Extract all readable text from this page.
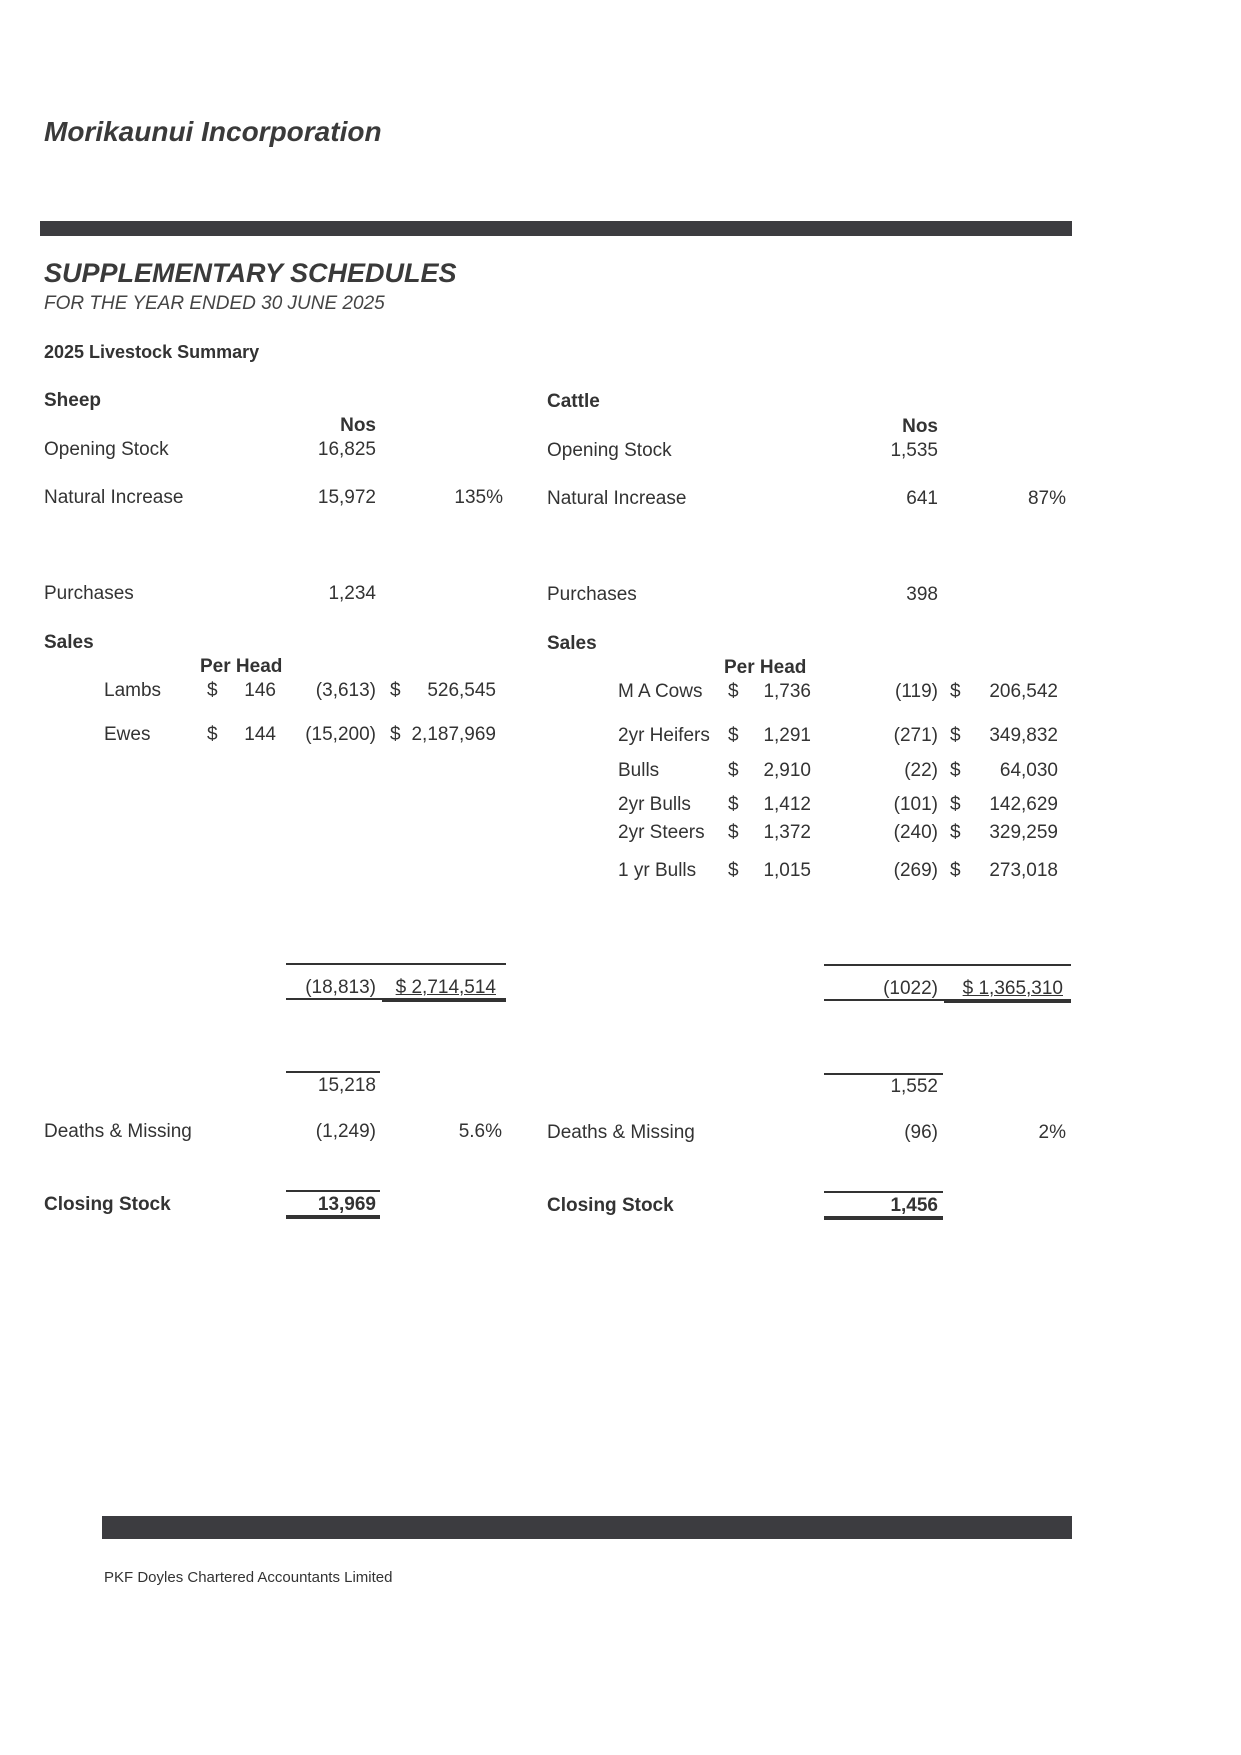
Morikaunui Incorporation
SUPPLEMENTARY SCHEDULES
FOR THE YEAR ENDED 30 JUNE 2025
2025 Livestock Summary
Sheep
Nos
Opening Stock	16,825
Natural Increase	15,972	135%
Purchases	1,234
Sales
Per Head
Lambs $	146	(3,613) $	526,545
Ewes	$	144	(15,200) $ 2,187,969
(18,813)	$ 2,714,514
15,218
Deaths & Missing	(1,249)	5.6%
Closing Stock	13,969
Cattle
Nos
Opening Stock	1,535
Natural Increase	641	87%
Purchases	398
Sales
Per Head
M A Cows $	1,736	(119) $	206,542
2yr Heifers $	1,291	(271) $	349,832
Bulls	$	2,910	(22) $	64,030
2yr Bulls $	1,412	(101) $	142,629
2yr Steers $	1,372	(240) $	329,259
1 yr Bulls $	1,015	(269) $	273,018
(1022)	$ 1,365,310
1,552
Deaths & Missing	(96)	2%
Closing Stock	1,456
PKF Doyles Chartered Accountants Limited
